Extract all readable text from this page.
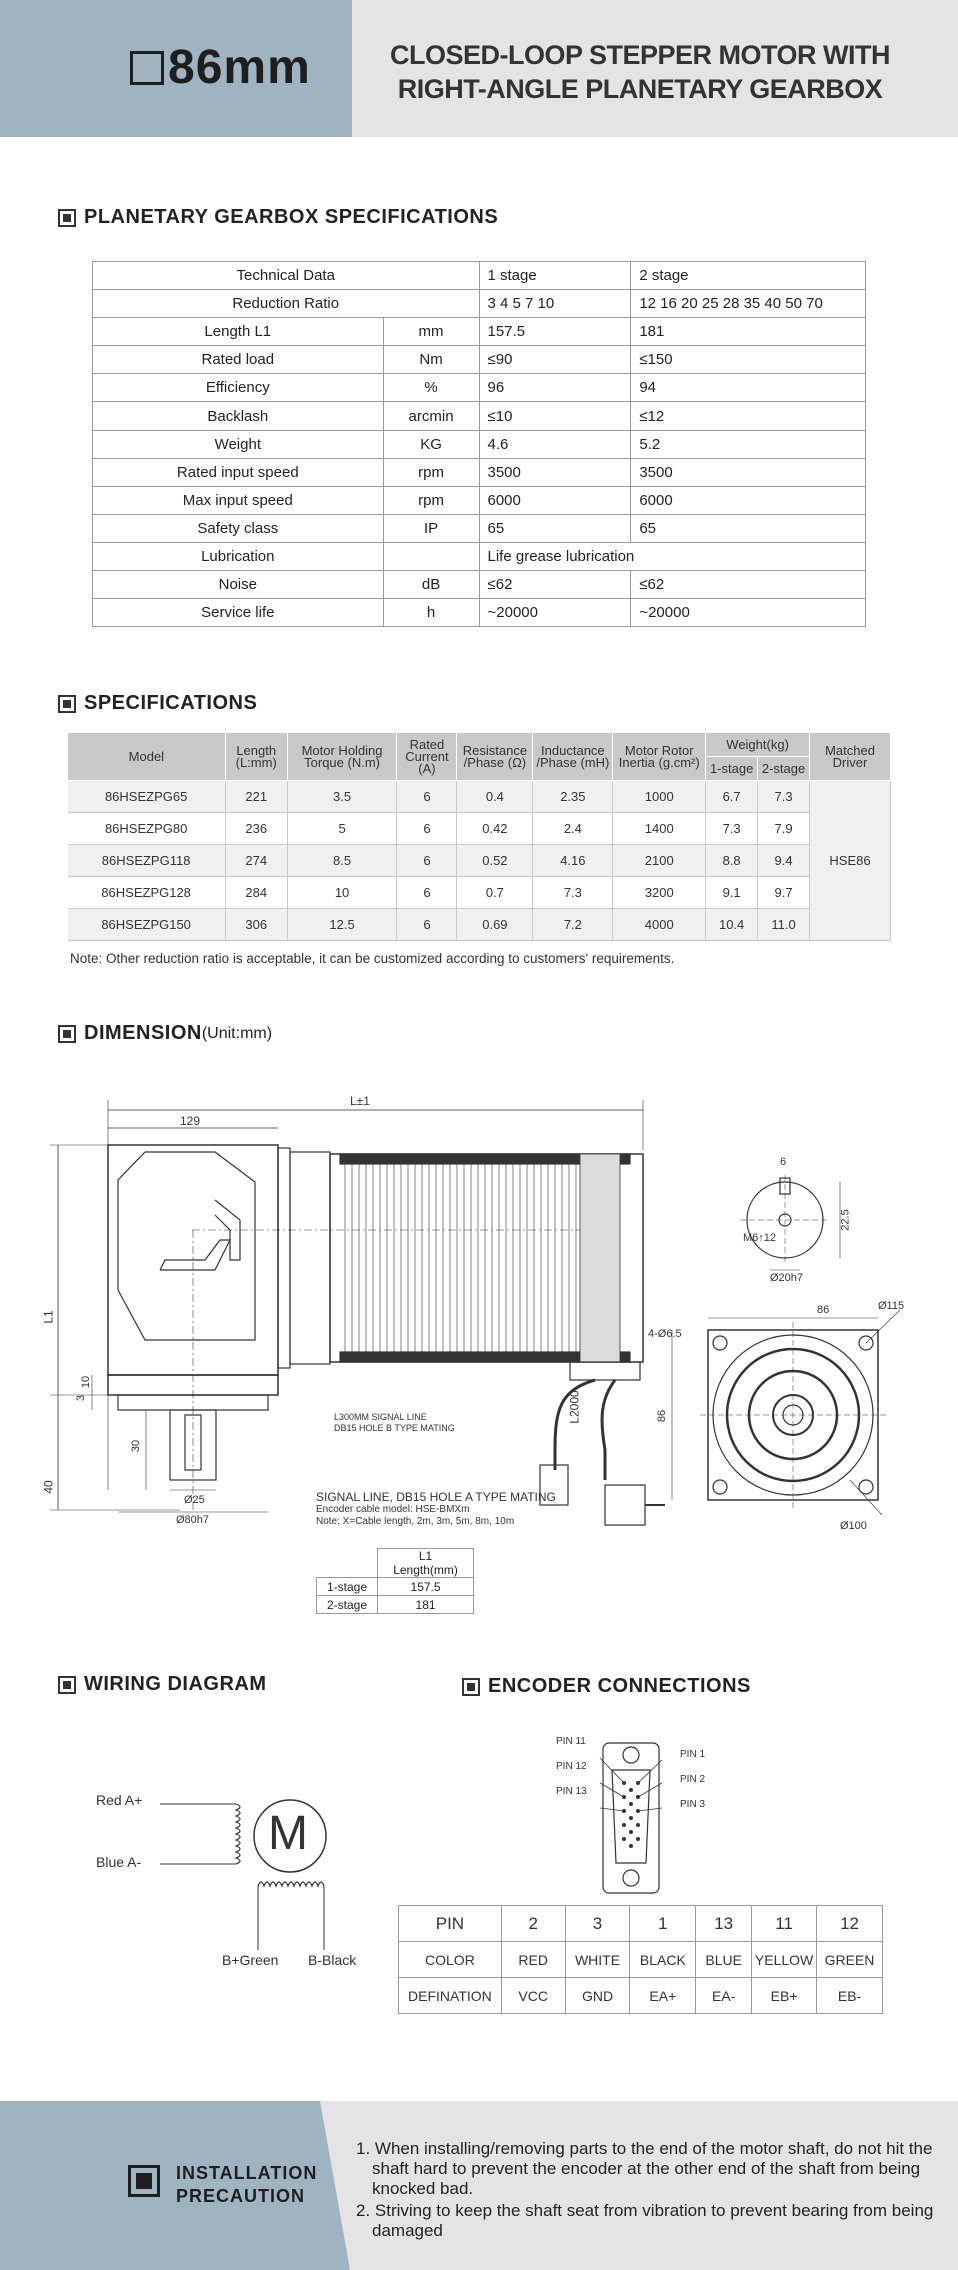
86mm	CLOSED-LOOP STEPPER MOTOR WITH
RIGHT-ANGLE PLANETARY GEARBOX
PLANETARY GEARBOX SPECIFICATIONS
Technical Data		1 stage	2 stage
Reduction Ratio		3 4 5 7 10	12 16 20 25 28 35 40 50 70
Length L1	mm	157.5	181
Rated load	Nm	≤90	≤150
Efficiency	%	96	94
Backlash	arcmin	≤10	≤12
Weight	KG	4.6	5.2
Rated input speed	rpm	3500	3500
Max input speed	rpm	6000	6000
Safety class	IP	65	65
Lubrication		Life grease lubrication	
Noise	dB	≤62	≤62
Service life	h	~20000	~20000
SPECIFICATIONS
Model	Length (L:mm)	Motor Holding Torque (N.m)	Rated Current (A)	Resistance /Phase (Ω)	Inductance /Phase (mH)	Motor Rotor Inertia (g.cm²)	Weight(kg)		Matched Driver
							1-stage	2-stage	
86HSEZPG65	221	3.5	6	0.4	2.35	1000	6.7	7.3	HSE86
86HSEZPG80	236	5	6	0.42	2.4	1400	7.3	7.9	
86HSEZPG118	274	8.5	6	0.52	4.16	2100	8.8	9.4	
86HSEZPG128	284	10	6	0.7	7.3	3200	9.1	9.7	
86HSEZPG150	306	12.5	6	0.69	7.2	4000	10.4	11.0	
Note: Other reduction ratio is acceptable, it can be customized according to customers' requirements.
DIMENSION (Unit:mm)
L±1
129
L1
40
3
10
30
Ø25
Ø80h7
6
22.5
M6↑12
Ø20h7
86
86
4-Ø6.5
Ø115
Ø100
L2000
L300MM SIGNAL LINE
DB15 HOLE B TYPE MATING
SIGNAL LINE, DB15 HOLE A TYPE MATING
Encoder cable model: HSE-BMXm
Note: X=Cable length, 2m, 3m, 5m, 8m, 10m
	L1 Length(mm)
1-stage	157.5
2-stage	181
WIRING DIAGRAM
Red A+
Blue A-
B+Green B-Black
M
ENCODER CONNECTIONS
PIN 11
PIN 12
PIN 13
PIN 1
PIN 2
PIN 3
PIN	2	3	1	13	11	12
COLOR	RED	WHITE	BLACK	BLUE	YELLOW	GREEN
DEFINATION	VCC	GND	EA+	EA-	EB+	EB-
INSTALLATION
PRECAUTION

1. When installing/removing parts to the end of the motor shaft, do not hit the shaft hard to prevent the encoder at the other end of the shaft from being knocked bad.

2. Striving to keep the shaft seat from vibration to prevent bearing from being damaged
